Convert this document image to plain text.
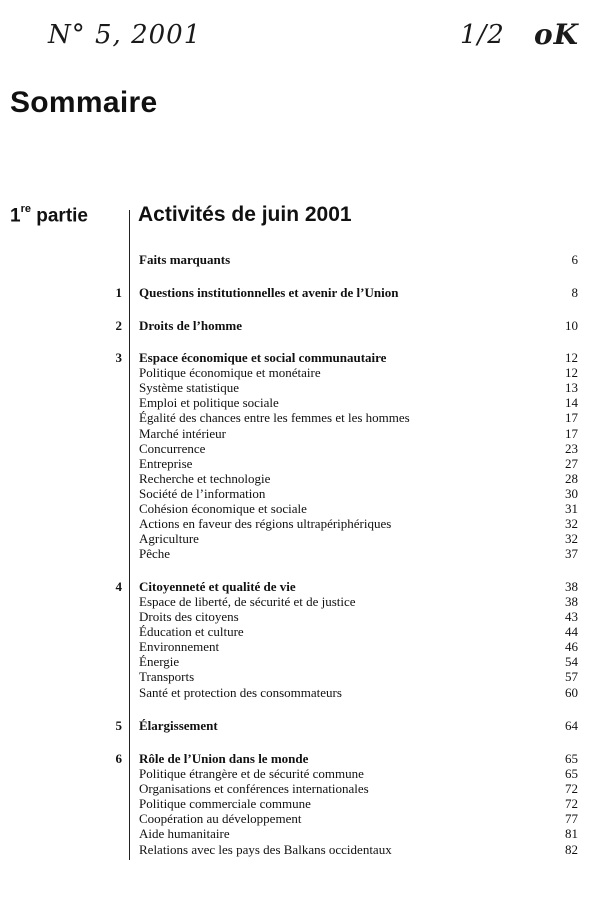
N° 5, 2001	1/2 oK
Sommaire
1re partie Activités de juin 2001
Faits marquants	6
1 Questions institutionnelles et avenir de l’Union	8
2 Droits de l’homme	10
3 Espace économique et social communautaire	12
Politique économique et monétaire	12
Système statistique	13
Emploi et politique sociale	14
Égalité des chances entre les femmes et les hommes	17
Marché intérieur	17
Concurrence	23
Entreprise	27
Recherche et technologie	28
Société de l’information	30
Cohésion économique et sociale	31
Actions en faveur des régions ultrapériphériques	32
Agriculture	32
Pêche	37
4 Citoyenneté et qualité de vie	38
Espace de liberté, de sécurité et de justice	38
Droits des citoyens	43
Éducation et culture	44
Environnement	46
Énergie	54
Transports	57
Santé et protection des consommateurs	60
5 Élargissement	64
6 Rôle de l’Union dans le monde	65
Politique étrangère et de sécurité commune	65
Organisations et conférences internationales	72
Politique commerciale commune	72
Coopération au développement	77
Aide humanitaire	81
Relations avec les pays des Balkans occidentaux	82
